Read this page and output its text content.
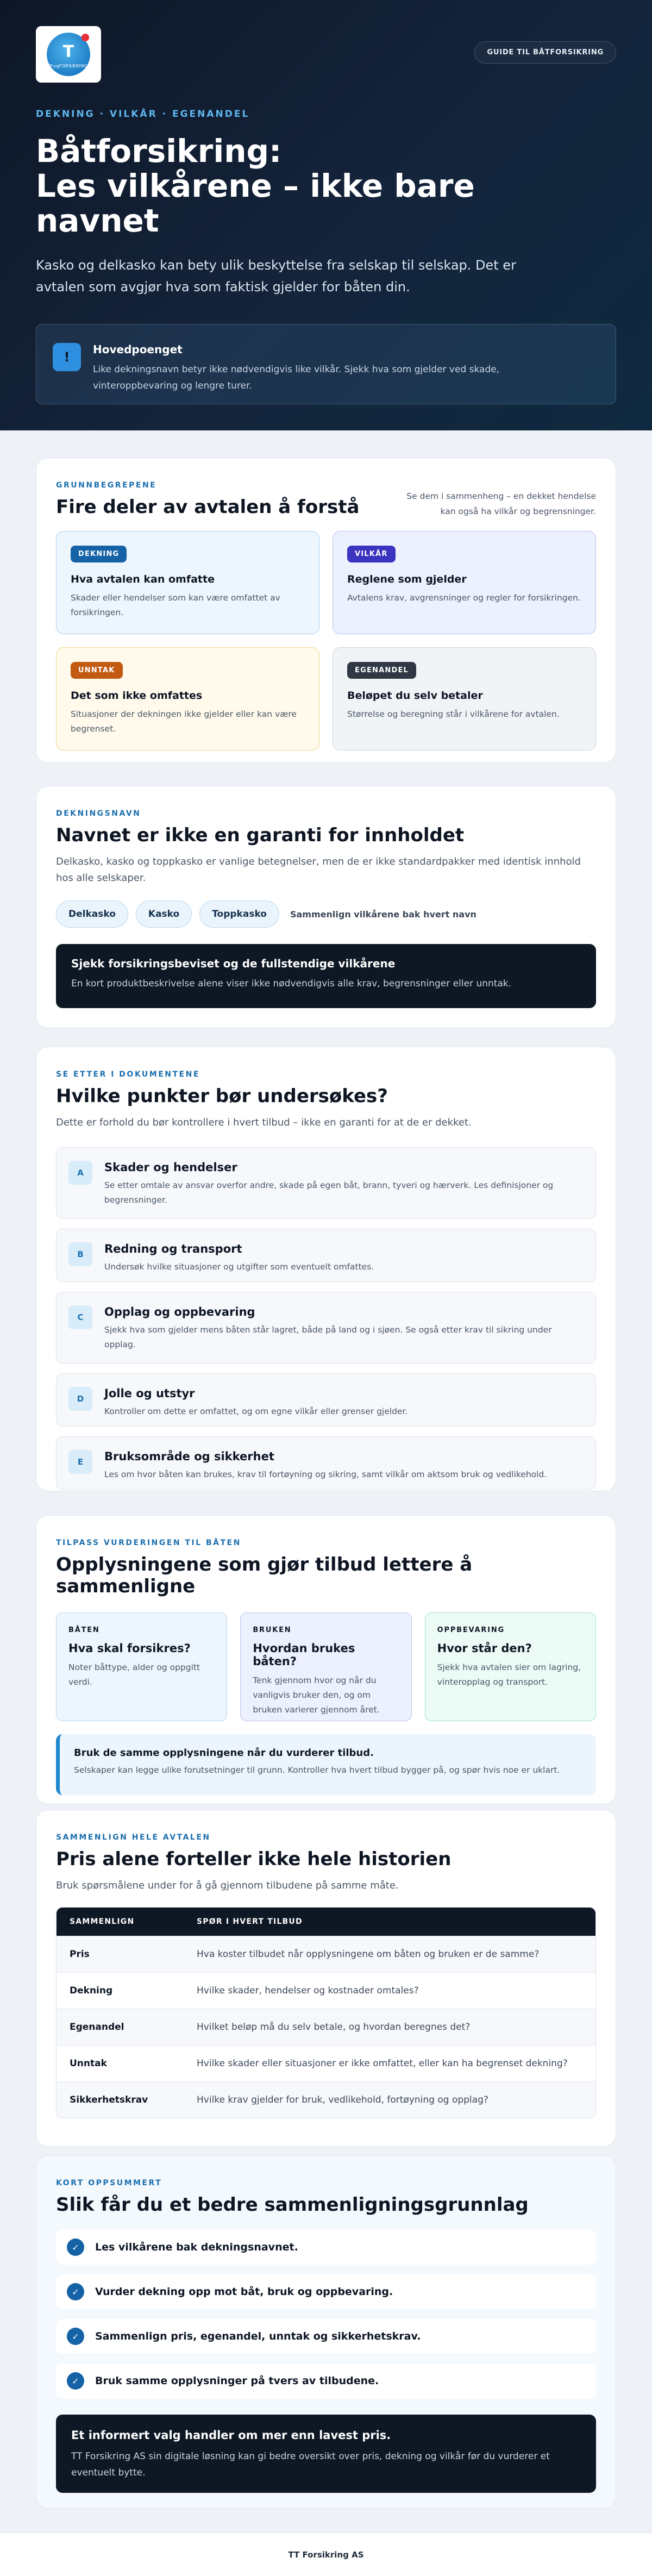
T
TrygFORSIKRING
GUIDE TIL BÅTFORSIKRING
DEKNING · VILKÅR · EGENANDEL
Båtforsikring:
Les vilkårene – ikke bare navnet

Kasko og delkasko kan bety ulik beskyttelse fra selskap til selskap. Det er avtalen som avgjør hva som faktisk gjelder for båten din.

!	Hovedpoenget
Like dekningsnavn betyr ikke nødvendigvis like vilkår. Sjekk hva som gjelder ved skade, vinteroppbevaring og lengre turer.
GRUNNBEGREPENE
Fire deler av avtalen å forstå	Se dem i sammenheng – en dekket hendelse kan også ha vilkår og begrensninger.
DEKNING
Hva avtalen kan omfatte
Skader eller hendelser som kan være omfattet av forsikringen.
VILKÅR
Reglene som gjelder
Avtalens krav, avgrensninger og regler for forsikringen.
UNNTAK
Det som ikke omfattes
Situasjoner der dekningen ikke gjelder eller kan være begrenset.
EGENANDEL
Beløpet du selv betaler
Størrelse og beregning står i vilkårene for avtalen.
DEKNINGSNAVN
Navnet er ikke en garanti for innholdet

Delkasko, kasko og toppkasko er vanlige betegnelser, men de er ikke standardpakker med identisk innhold hos alle selskaper.

Delkasko	Kasko	Toppkasko	Sammenlign vilkårene bak hvert navn
Sjekk forsikringsbeviset og de fullstendige vilkårene
En kort produktbeskrivelse alene viser ikke nødvendigvis alle krav, begrensninger eller unntak.
SE ETTER I DOKUMENTENE
Hvilke punkter bør undersøkes?

Dette er forhold du bør kontrollere i hvert tilbud – ikke en garanti for at de er dekket.

A	Skader og hendelser
Se etter omtale av ansvar overfor andre, skade på egen båt, brann, tyveri og hærverk. Les definisjoner og begrensninger.
B	Redning og transport
Undersøk hvilke situasjoner og utgifter som eventuelt omfattes.
C	Opplag og oppbevaring
Sjekk hva som gjelder mens båten står lagret, både på land og i sjøen. Se også etter krav til sikring under opplag.
D	Jolle og utstyr
Kontroller om dette er omfattet, og om egne vilkår eller grenser gjelder.
E	Bruksområde og sikkerhet
Les om hvor båten kan brukes, krav til fortøyning og sikring, samt vilkår om aktsom bruk og vedlikehold.
TILPASS VURDERINGEN TIL BÅTEN
Opplysningene som gjør tilbud lettere å sammenligne
BÅTEN
Hva skal forsikres?
Noter båttype, alder og oppgitt verdi.
BRUKEN
Hvordan brukes båten?
Tenk gjennom hvor og når du vanligvis bruker den, og om bruken varierer gjennom året.
OPPBEVARING
Hvor står den?
Sjekk hva avtalen sier om lagring, vinteropplag og transport.
Bruk de samme opplysningene når du vurderer tilbud.
Selskaper kan legge ulike forutsetninger til grunn. Kontroller hva hvert tilbud bygger på, og spør hvis noe er uklart.
SAMMENLIGN HELE AVTALEN
Pris alene forteller ikke hele historien

Bruk spørsmålene under for å gå gjennom tilbudene på samme måte.

SAMMENLIGN	SPØR I HVERT TILBUD
Pris	Hva koster tilbudet når opplysningene om båten og bruken er de samme?
Dekning	Hvilke skader, hendelser og kostnader omtales?
Egenandel	Hvilket beløp må du selv betale, og hvordan beregnes det?
Unntak	Hvilke skader eller situasjoner er ikke omfattet, eller kan ha begrenset dekning?
Sikkerhetskrav	Hvilke krav gjelder for bruk, vedlikehold, fortøyning og opplag?
KORT OPPSUMMERT
Slik får du et bedre sammenligningsgrunnlag
✓	Les vilkårene bak dekningsnavnet.
✓	Vurder dekning opp mot båt, bruk og oppbevaring.
✓	Sammenlign pris, egenandel, unntak og sikkerhetskrav.
✓	Bruk samme opplysninger på tvers av tilbudene.
Et informert valg handler om mer enn lavest pris.
TT Forsikring AS sin digitale løsning kan gi bedre oversikt over pris, dekning og vilkår før du vurderer et eventuelt bytte.
TT Forsikring AS
